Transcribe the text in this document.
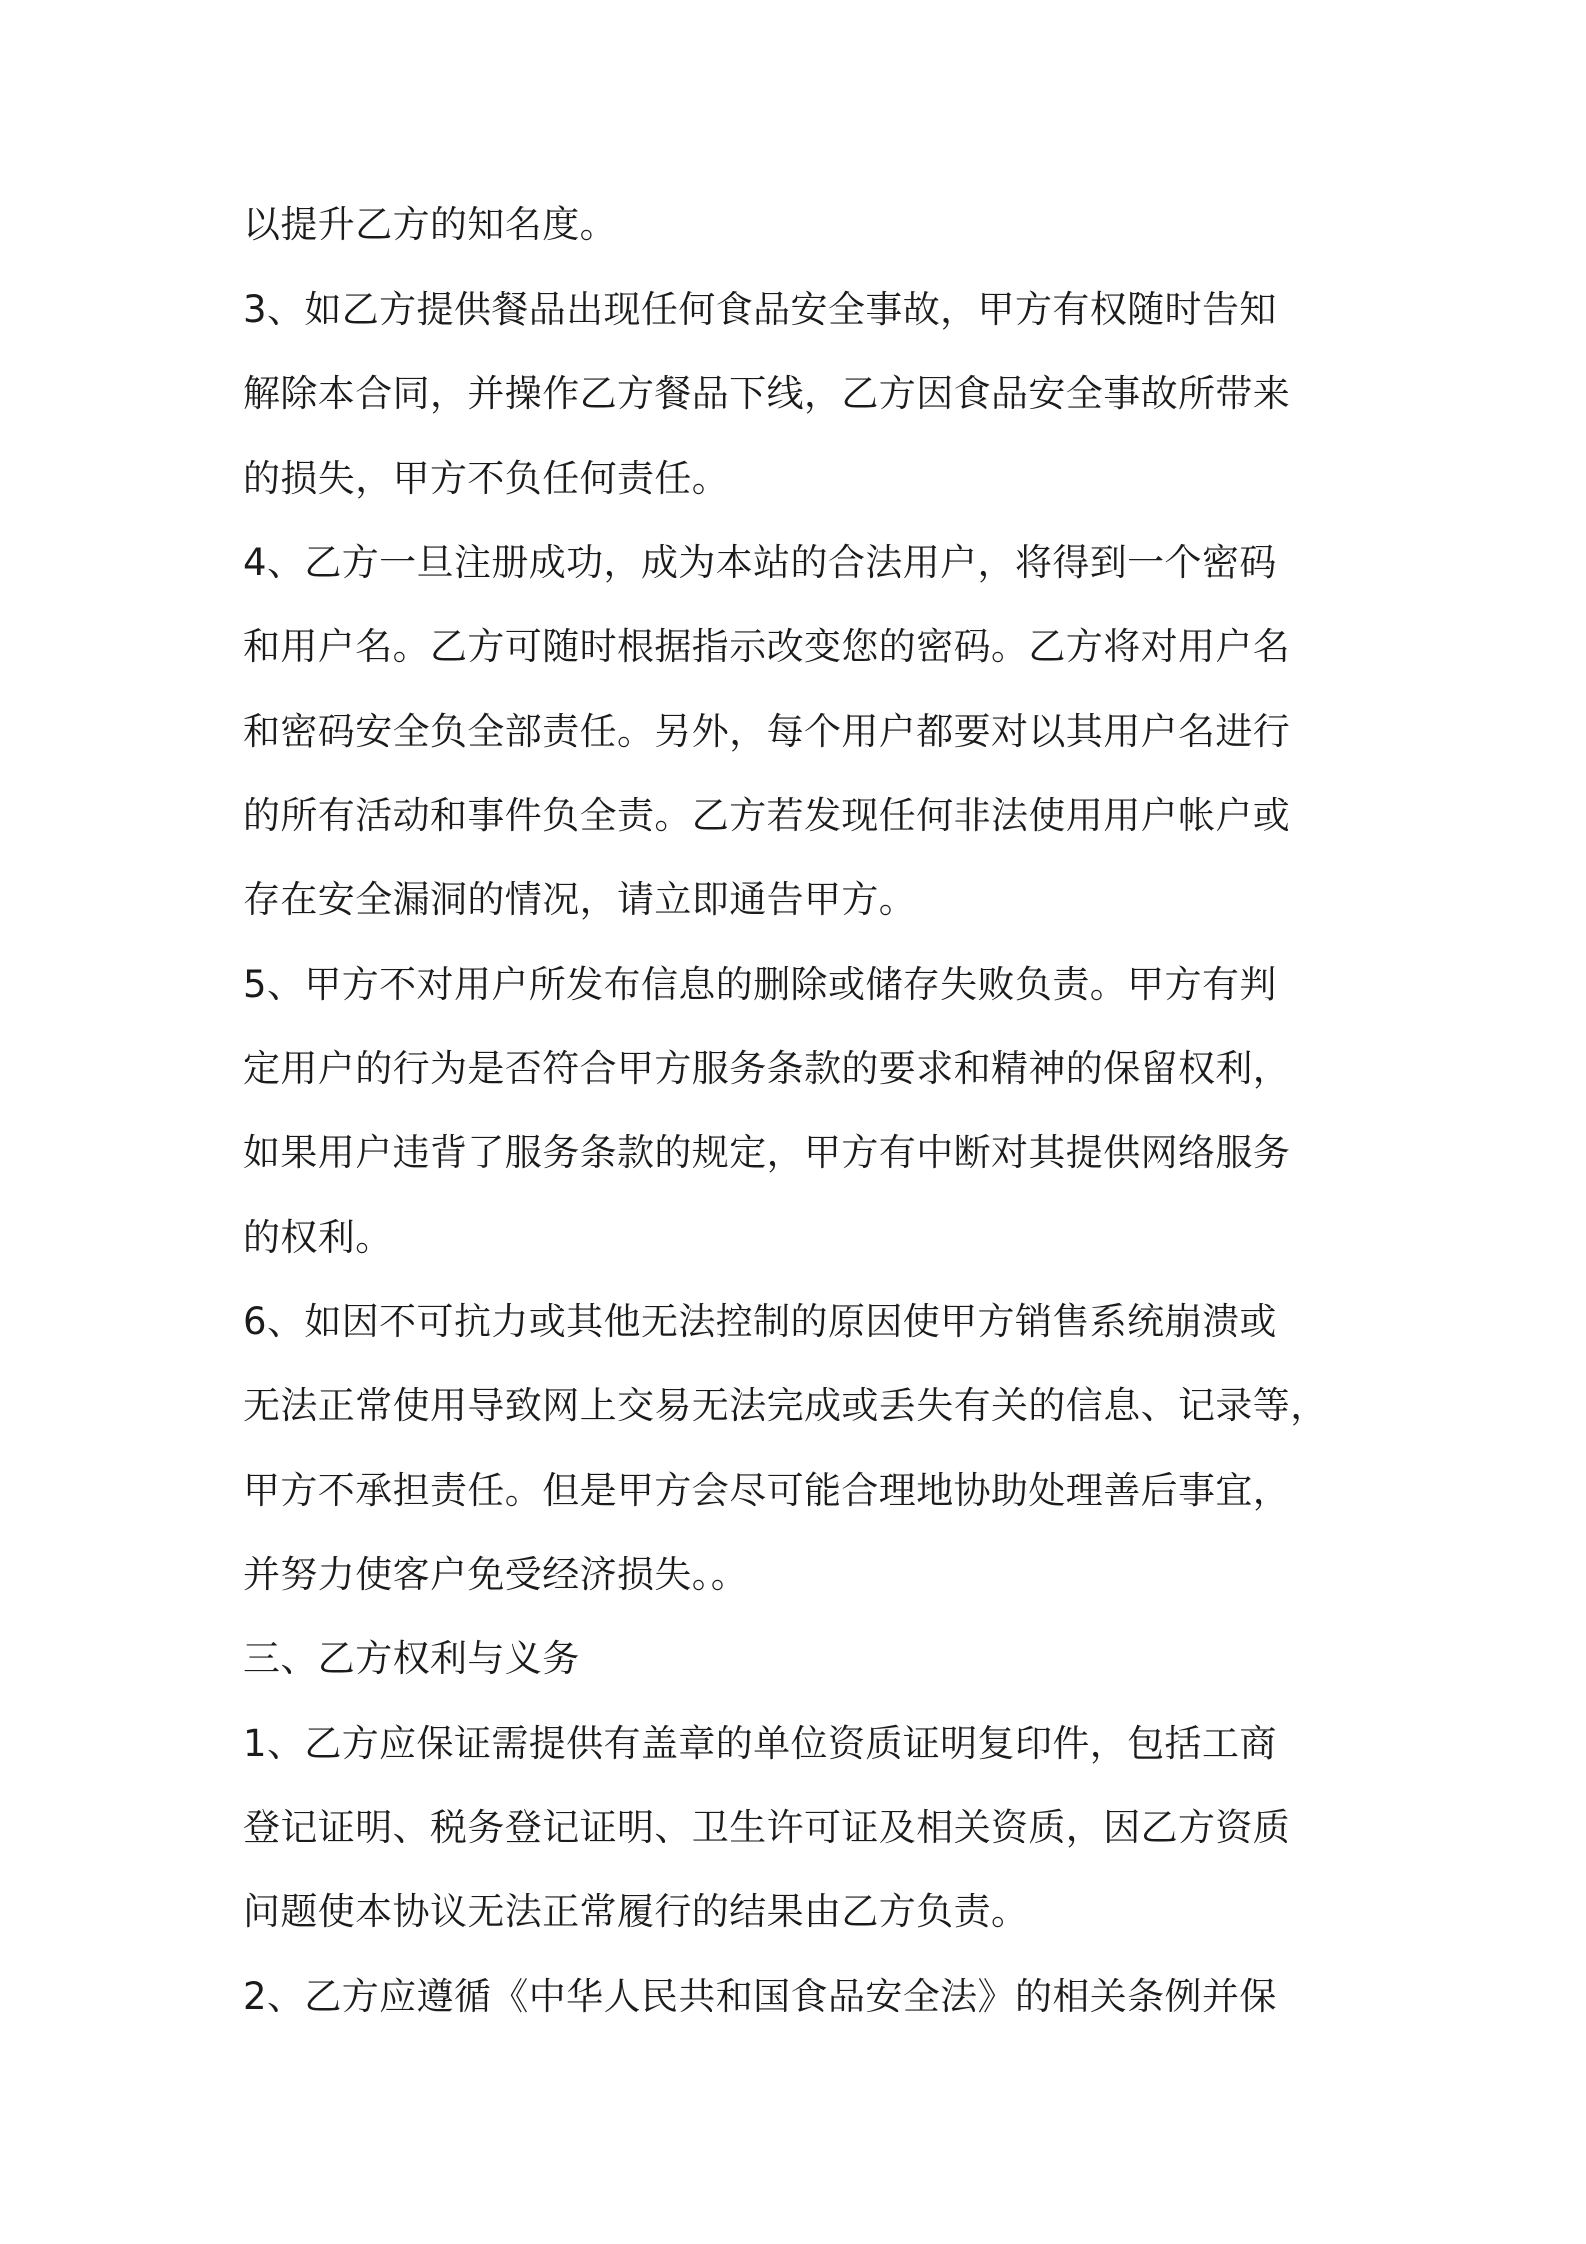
以提升乙方的知名度。
3、如乙方提供餐品出现任何食品安全事故，甲方有权随时告知
解除本合同，并操作乙方餐品下线，乙方因食品安全事故所带来
的损失，甲方不负任何责任。
4、乙方一旦注册成功，成为本站的合法用户，将得到一个密码
和用户名。乙方可随时根据指示改变您的密码。乙方将对用户名
和密码安全负全部责任。另外，每个用户都要对以其用户名进行
的所有活动和事件负全责。乙方若发现任何非法使用用户帐户或
存在安全漏洞的情况，请立即通告甲方。
5、甲方不对用户所发布信息的删除或储存失败负责。甲方有判
定用户的行为是否符合甲方服务条款的要求和精神的保留权利，
如果用户违背了服务条款的规定，甲方有中断对其提供网络服务
的权利。
6、如因不可抗力或其他无法控制的原因使甲方销售系统崩溃或
无法正常使用导致网上交易无法完成或丢失有关的信息、记录等，
甲方不承担责任。但是甲方会尽可能合理地协助处理善后事宜，
并努力使客户免受经济损失。。
三、乙方权利与义务
1、乙方应保证需提供有盖章的单位资质证明复印件，包括工商
登记证明、税务登记证明、卫生许可证及相关资质，因乙方资质
问题使本协议无法正常履行的结果由乙方负责。
2、乙方应遵循《中华人民共和国食品安全法》的相关条例并保
